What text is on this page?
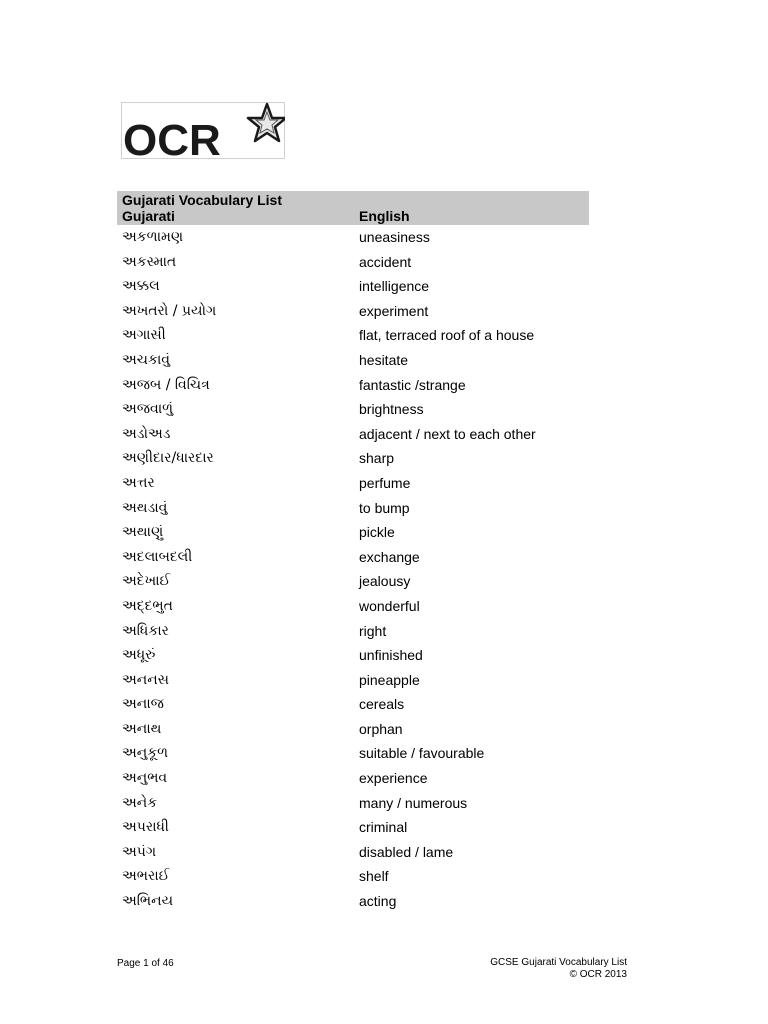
OCR
Gujarati Vocabulary List
Gujarati	English
અકળામણ	uneasiness
અકસ્માત	accident
અક્કલ	intelligence
અખતરો / પ્રયોગ	experiment
અગાસી	flat, terraced roof of a house
અચકાવું	hesitate
અજબ / વિચિત્ર	fantastic /strange
અજવાળું	brightness
અડોઅડ	adjacent / next to each other
અણીદાર/ધારદાર	sharp
અત્તર	perfume
અથડાવું	to bump
અથાણું	pickle
અદલાબદલી	exchange
અદેખાઈ	jealousy
અદ્દભુત	wonderful
અધિકાર	right
અધૂરું	unfinished
અનનસ	pineapple
અનાજ	cereals
અનાથ	orphan
અનુકૂળ	suitable / favourable
અનુભવ	experience
અનેક	many / numerous
અપરાધી	criminal
અપંગ	disabled / lame
અભરાઈ	shelf
અભિનય	acting
Page 1 of 46	GCSE Gujarati Vocabulary List
© OCR 2013
